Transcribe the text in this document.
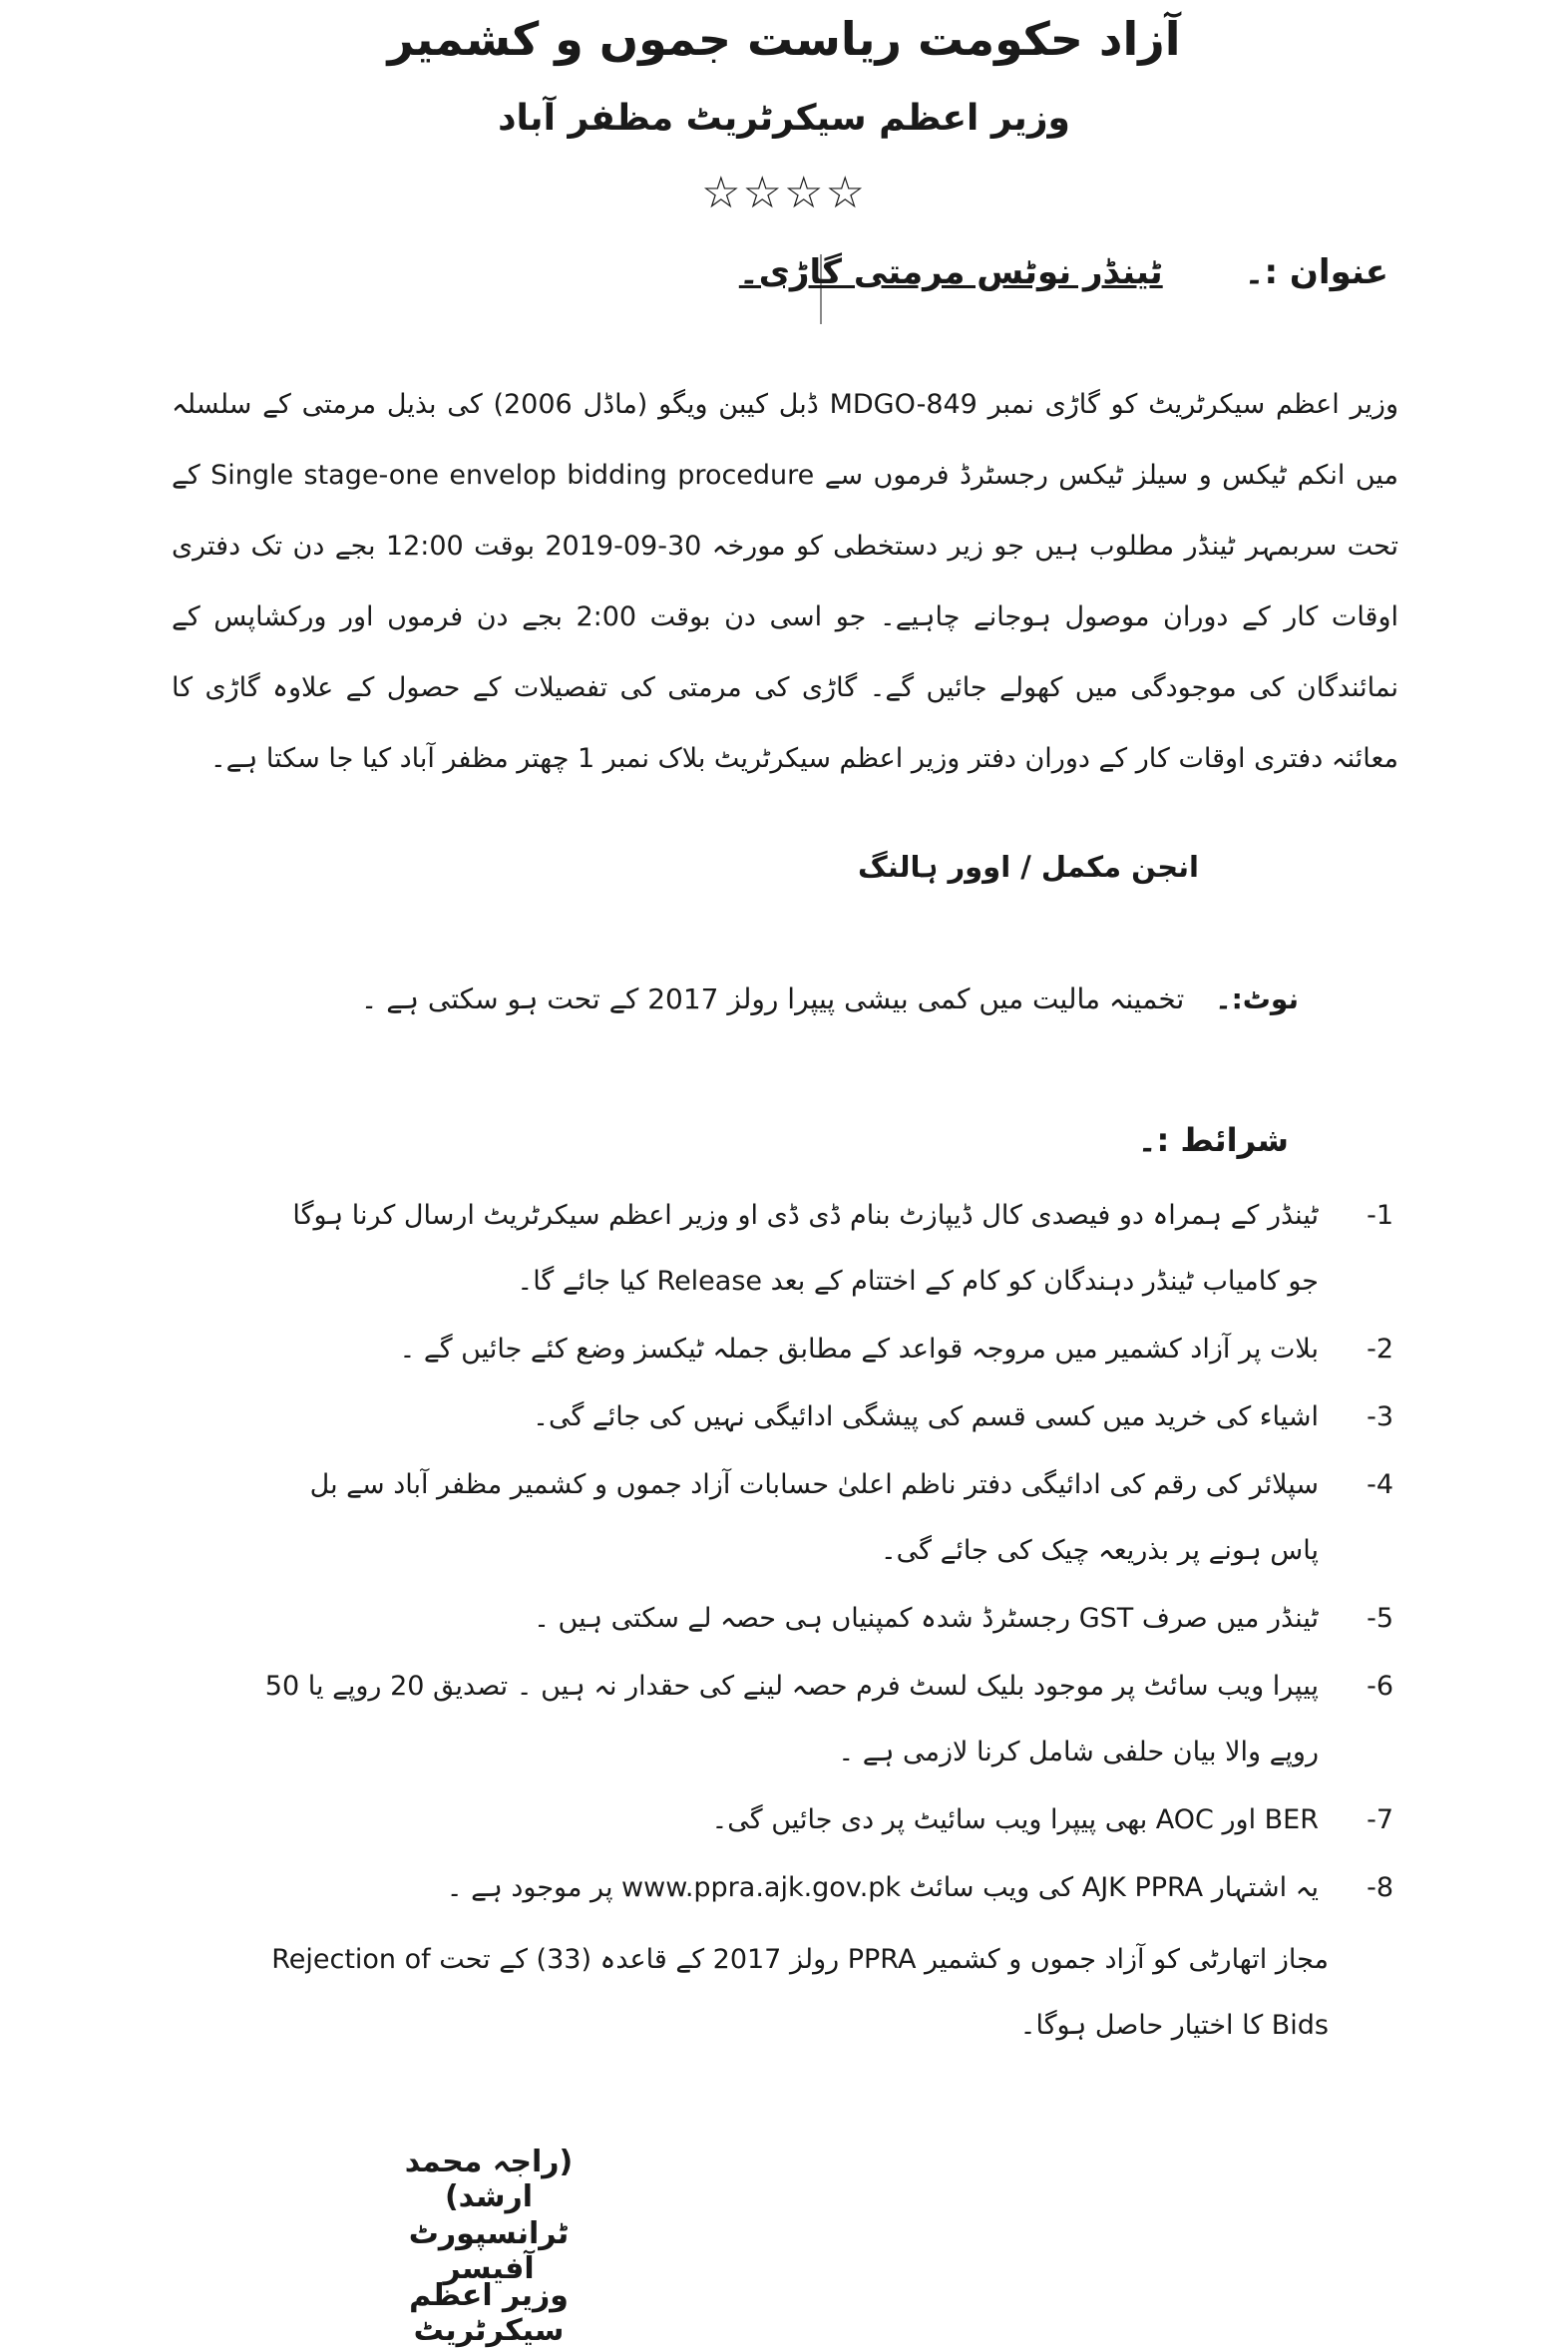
آزاد حکومت ریاست جموں و کشمیر
وزیر اعظم سیکرٹریٹ مظفر آباد
☆☆☆☆
عنوان :۔ ٹینڈر نوٹس مرمتی گاڑی۔
وزیر اعظم سیکرٹریٹ کو گاڑی نمبر MDGO-849 ڈبل کیبن ویگو (ماڈل 2006) کی بذیل مرمتی کے سلسلہ میں انکم ٹیکس و سیلز ٹیکس رجسٹرڈ فرموں سے Single stage-one envelop bidding procedure کے تحت سربمہر ٹینڈر مطلوب ہیں جو زیر دستخطی کو مورخہ 30-09-2019 بوقت 12:00 بجے دن تک دفتری اوقات کار کے دوران موصول ہوجانے چاہیے۔ جو اسی دن بوقت 2:00 بجے دن فرموں اور ورکشاپس کے نمائندگان کی موجودگی میں کھولے جائیں گے۔ گاڑی کی مرمتی کی تفصیلات کے حصول کے علاوہ گاڑی کا معائنہ دفتری اوقات کار کے دوران دفتر وزیر اعظم سیکرٹریٹ بلاک نمبر 1 چھتر مظفر آباد کیا جا سکتا ہے۔
انجن مکمل / اوور ہالنگ
نوٹ:۔ تخمینہ مالیت میں کمی بیشی پیپرا رولز 2017 کے تحت ہو سکتی ہے ۔
شرائط :۔
-1
ٹینڈر کے ہمراہ دو فیصدی کال ڈیپازٹ بنام ڈی ڈی او وزیر اعظم سیکرٹریٹ ارسال کرنا ہوگا جو کامیاب ٹینڈر دہندگان کو کام کے اختتام کے بعد Release کیا جائے گا۔
-2
بلات پر آزاد کشمیر میں مروجہ قواعد کے مطابق جملہ ٹیکسز وضع کئے جائیں گے ۔
-3
اشیاء کی خرید میں کسی قسم کی پیشگی ادائیگی نہیں کی جائے گی۔
-4
سپلائر کی رقم کی ادائیگی دفتر ناظم اعلیٰ حسابات آزاد جموں و کشمیر مظفر آباد سے بل پاس ہونے پر بذریعہ چیک کی جائے گی۔
-5
ٹینڈر میں صرف GST رجسٹرڈ شدہ کمپنیاں ہی حصہ لے سکتی ہیں ۔
-6
پیپرا ویب سائٹ پر موجود بلیک لسٹ فرم حصہ لینے کی حقدار نہ ہیں ۔ تصدیق 20 روپے یا 50 روپے والا بیان حلفی شامل کرنا لازمی ہے ۔
-7
BER اور AOC بھی پیپرا ویب سائیٹ پر دی جائیں گی۔
-8
یہ اشتہار AJK PPRA کی ویب سائٹ www.ppra.ajk.gov.pk پر موجود ہے ۔
مجاز اتھارٹی کو آزاد جموں و کشمیر PPRA رولز 2017 کے قاعدہ (33) کے تحت Rejection of Bids کا اختیار حاصل ہوگا۔
(راجہ محمد ارشد)
ٹرانسپورٹ آفیسر
وزیر اعظم سیکرٹریٹ
